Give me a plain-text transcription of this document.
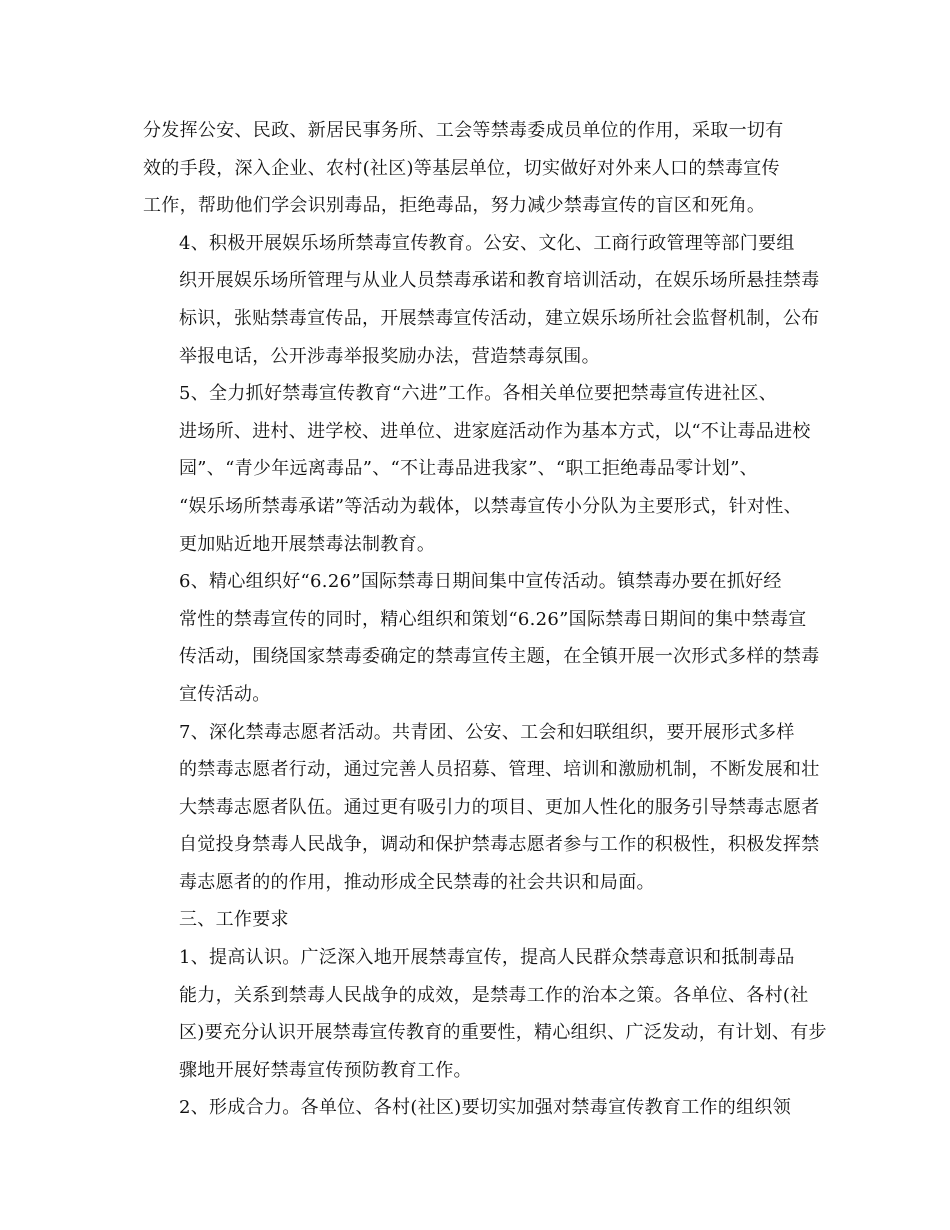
分发挥公安、民政、新居民事务所、工会等禁毒委成员单位的作用，采取一切有
效的手段，深入企业、农村(社区)等基层单位，切实做好对外来人口的禁毒宣传
工作，帮助他们学会识别毒品，拒绝毒品，努力减少禁毒宣传的盲区和死角。

4、积极开展娱乐场所禁毒宣传教育。公安、文化、工商行政管理等部门要组
织开展娱乐场所管理与从业人员禁毒承诺和教育培训活动，在娱乐场所悬挂禁毒
标识，张贴禁毒宣传品，开展禁毒宣传活动，建立娱乐场所社会监督机制，公布
举报电话，公开涉毒举报奖励办法，营造禁毒氛围。

5、全力抓好禁毒宣传教育“六进”工作。各相关单位要把禁毒宣传进社区、
进场所、进村、进学校、进单位、进家庭活动作为基本方式，以“不让毒品进校
园”、“青少年远离毒品”、“不让毒品进我家”、“职工拒绝毒品零计划”、
“娱乐场所禁毒承诺”等活动为载体，以禁毒宣传小分队为主要形式，针对性、
更加贴近地开展禁毒法制教育。

6、精心组织好“6.26”国际禁毒日期间集中宣传活动。镇禁毒办要在抓好经
常性的禁毒宣传的同时，精心组织和策划“6.26”国际禁毒日期间的集中禁毒宣
传活动，围绕国家禁毒委确定的禁毒宣传主题，在全镇开展一次形式多样的禁毒
宣传活动。

7、深化禁毒志愿者活动。共青团、公安、工会和妇联组织，要开展形式多样
的禁毒志愿者行动，通过完善人员招募、管理、培训和激励机制，不断发展和壮
大禁毒志愿者队伍。通过更有吸引力的项目、更加人性化的服务引导禁毒志愿者
自觉投身禁毒人民战争，调动和保护禁毒志愿者参与工作的积极性，积极发挥禁
毒志愿者的的作用，推动形成全民禁毒的社会共识和局面。

三、工作要求

1、提高认识。广泛深入地开展禁毒宣传，提高人民群众禁毒意识和抵制毒品
能力，关系到禁毒人民战争的成效，是禁毒工作的治本之策。各单位、各村(社
区)要充分认识开展禁毒宣传教育的重要性，精心组织、广泛发动，有计划、有步
骤地开展好禁毒宣传预防教育工作。

2、形成合力。各单位、各村(社区)要切实加强对禁毒宣传教育工作的组织领
